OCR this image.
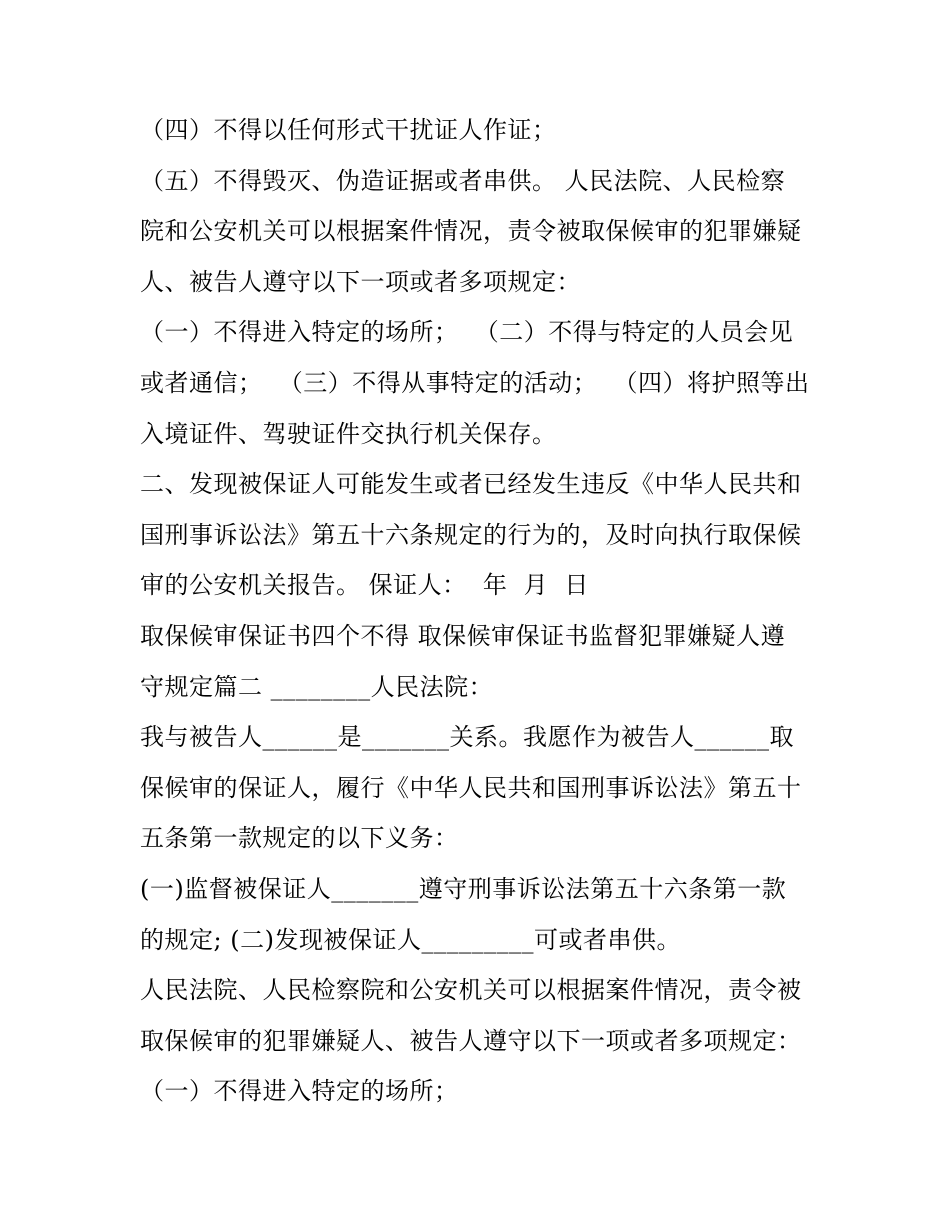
（四）不得以任何形式干扰证人作证；
（五）不得毁灭、伪造证据或者串供。 人民法院、人民检察
院和公安机关可以根据案件情况，责令被取保候审的犯罪嫌疑
人、被告人遵守以下一项或者多项规定：
（一）不得进入特定的场所；  （二）不得与特定的人员会见
或者通信；  （三）不得从事特定的活动；  （四）将护照等出
入境证件、驾驶证件交执行机关保存。
二、发现被保证人可能发生或者已经发生违反《中华人民共和
国刑事诉讼法》第五十六条规定的行为的，及时向执行取保候
审的公安机关报告。 保证人：  年  月  日
取保候审保证书四个不得 取保候审保证书监督犯罪嫌疑人遵
守规定篇二 ________人民法院：
我与被告人______是_______关系。我愿作为被告人______取
保候审的保证人，履行《中华人民共和国刑事诉讼法》第五十
五条第一款规定的以下义务：
(一)监督被保证人_______遵守刑事诉讼法第五十六条第一款
的规定; (二)发现被保证人_________可或者串供。
人民法院、人民检察院和公安机关可以根据案件情况，责令被
取保候审的犯罪嫌疑人、被告人遵守以下一项或者多项规定：
（一）不得进入特定的场所；
